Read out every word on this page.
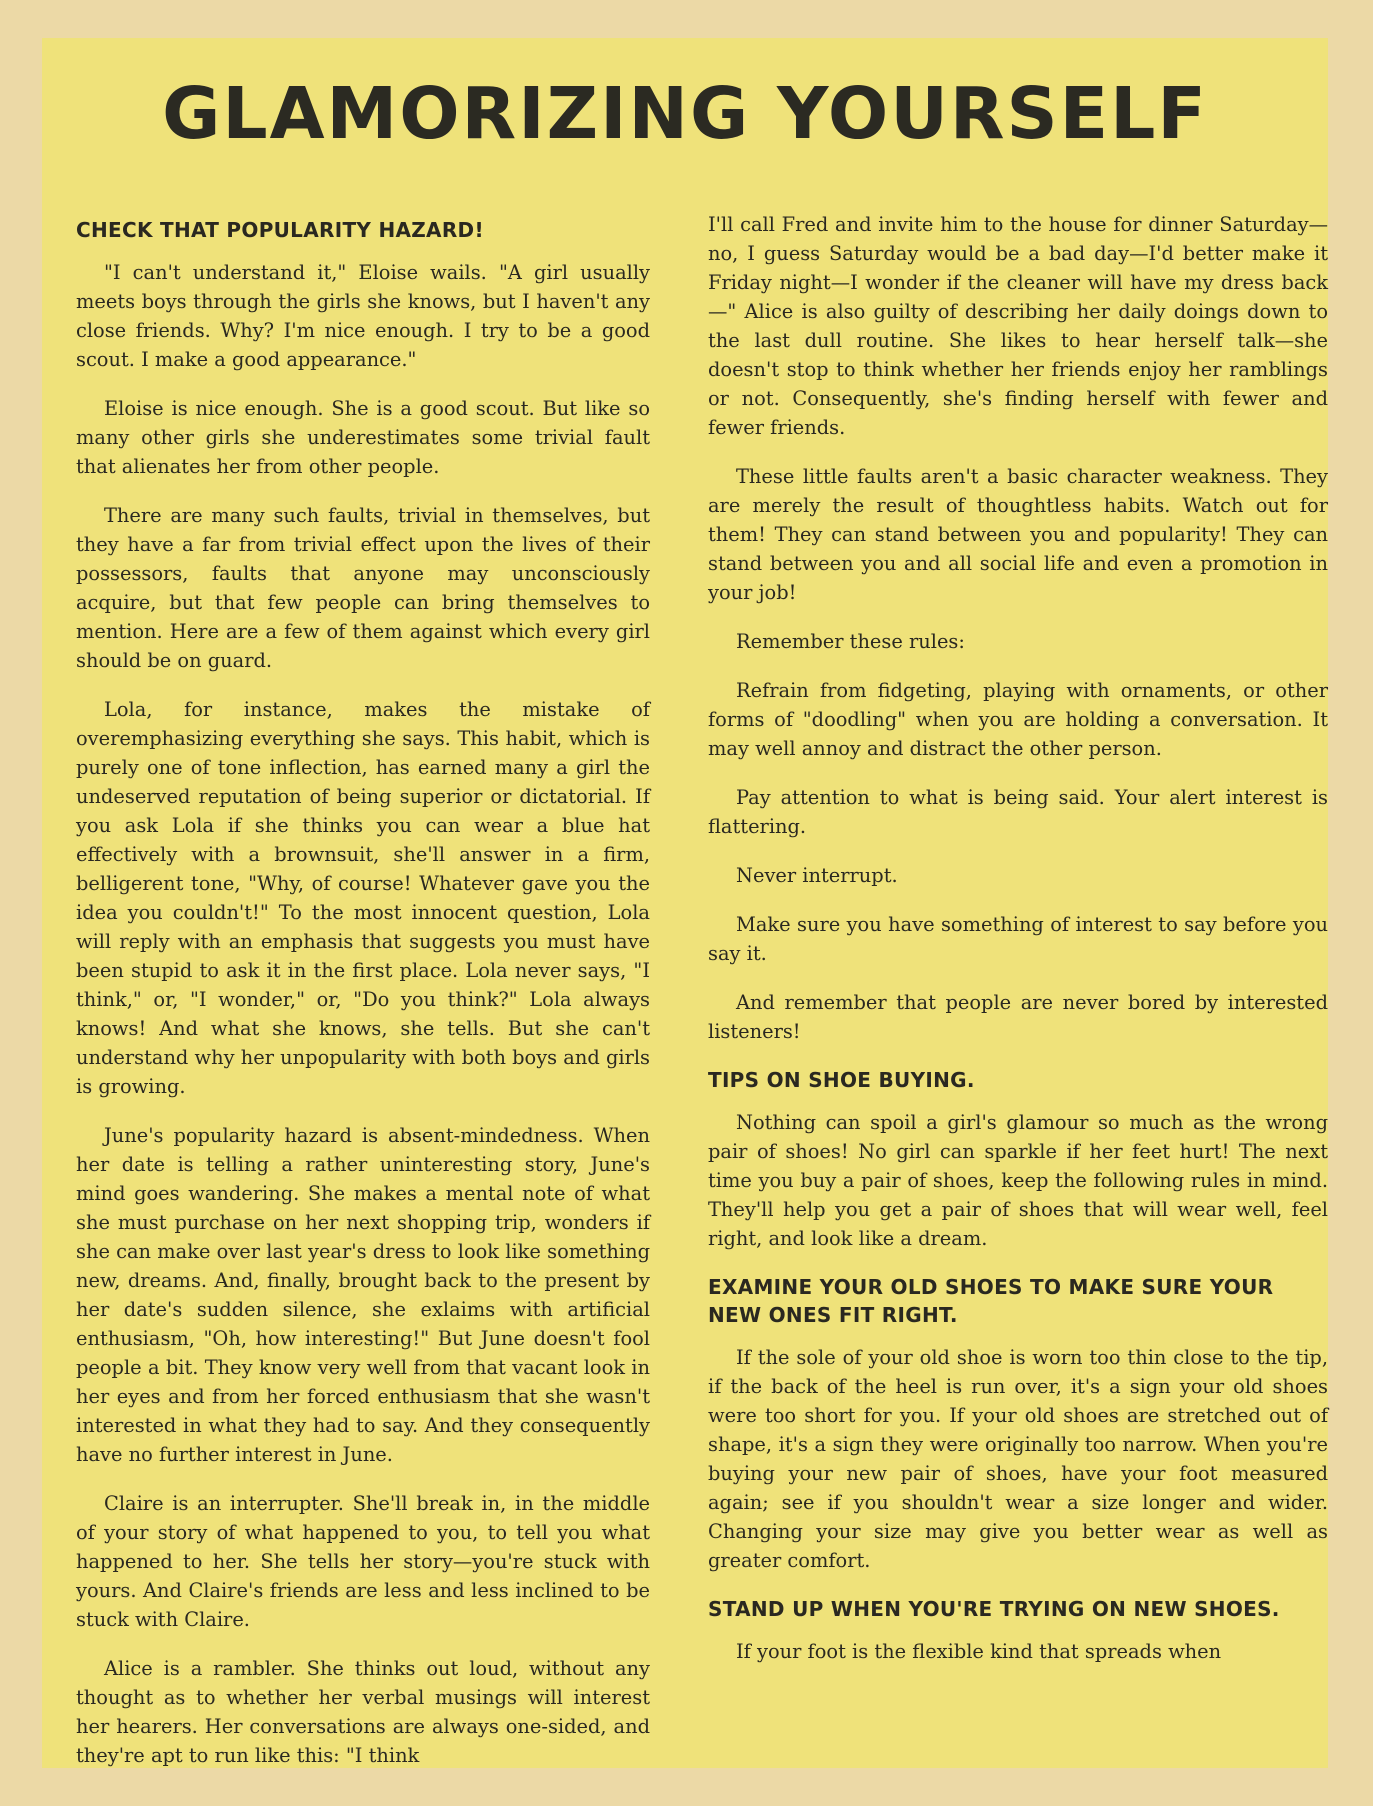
GLAMORIZING YOURSELF
CHECK THAT POPULARITY HAZARD!

"I can't understand it," Eloise wails. "A girl usually meets boys through the girls she knows, but I haven't any close friends. Why? I'm nice enough. I try to be a good scout. I make a good appearance."

Eloise is nice enough. She is a good scout. But like so many other girls she underestimates some trivial fault that alienates her from other people.

There are many such faults, trivial in themselves, but they have a far from trivial effect upon the lives of their possessors, faults that anyone may unconsciously acquire, but that few people can bring themselves to mention. Here are a few of them against which every girl should be on guard.

Lola, for instance, makes the mistake of overemphasizing everything she says. This habit, which is purely one of tone inflection, has earned many a girl the undeserved reputation of being superior or dictatorial. If you ask Lola if she thinks you can wear a blue hat effectively with a brownsuit, she'll answer in a firm, belligerent tone, "Why, of course! Whatever gave you the idea you couldn't!" To the most innocent question, Lola will reply with an emphasis that suggests you must have been stupid to ask it in the first place. Lola never says, "I think," or, "I wonder," or, "Do you think?" Lola always knows! And what she knows, she tells. But she can't understand why her unpopularity with both boys and girls is growing.

June's popularity hazard is absent-mindedness. When her date is telling a rather uninteresting story, June's mind goes wandering. She makes a mental note of what she must purchase on her next shopping trip, wonders if she can make over last year's dress to look like something new, dreams. And, finally, brought back to the present by her date's sudden silence, she exlaims with artificial enthusiasm, "Oh, how interesting!" But June doesn't fool people a bit. They know very well from that vacant look in her eyes and from her forced enthusiasm that she wasn't interested in what they had to say. And they consequently have no further interest in June.

Claire is an interrupter. She'll break in, in the middle of your story of what happened to you, to tell you what happened to her. She tells her story—you're stuck with yours. And Claire's friends are less and less inclined to be stuck with Claire.

Alice is a rambler. She thinks out loud, without any thought as to whether her verbal musings will interest her hearers. Her conversations are always one-sided, and they're apt to run like this: "I think

I'll call Fred and invite him to the house for dinner Saturday—no, I guess Saturday would be a bad day—I'd better make it Friday night—I wonder if the cleaner will have my dress back—" Alice is also guilty of describing her daily doings down to the last dull routine. She likes to hear herself talk—she doesn't stop to think whether her friends enjoy her ramblings or not. Consequently, she's finding herself with fewer and fewer friends.

These little faults aren't a basic character weakness. They are merely the result of thoughtless habits. Watch out for them! They can stand between you and popularity! They can stand between you and all social life and even a promotion in your job!

Remember these rules:

Refrain from fidgeting, playing with ornaments, or other forms of "doodling" when you are holding a conversation. It may well annoy and distract the other person.

Pay attention to what is being said. Your alert interest is flattering.

Never interrupt.

Make sure you have something of interest to say before you say it.

And remember that people are never bored by interested listeners!

TIPS ON SHOE BUYING.

Nothing can spoil a girl's glamour so much as the wrong pair of shoes! No girl can sparkle if her feet hurt! The next time you buy a pair of shoes, keep the following rules in mind. They'll help you get a pair of shoes that will wear well, feel right, and look like a dream.

EXAMINE YOUR OLD SHOES TO MAKE SURE YOUR NEW ONES FIT RIGHT.

If the sole of your old shoe is worn too thin close to the tip, if the back of the heel is run over, it's a sign your old shoes were too short for you. If your old shoes are stretched out of shape, it's a sign they were originally too narrow. When you're buying your new pair of shoes, have your foot measured again; see if you shouldn't wear a size longer and wider. Changing your size may give you better wear as well as greater comfort.

STAND UP WHEN YOU'RE TRYING ON NEW SHOES.

If your foot is the flexible kind that spreads when
